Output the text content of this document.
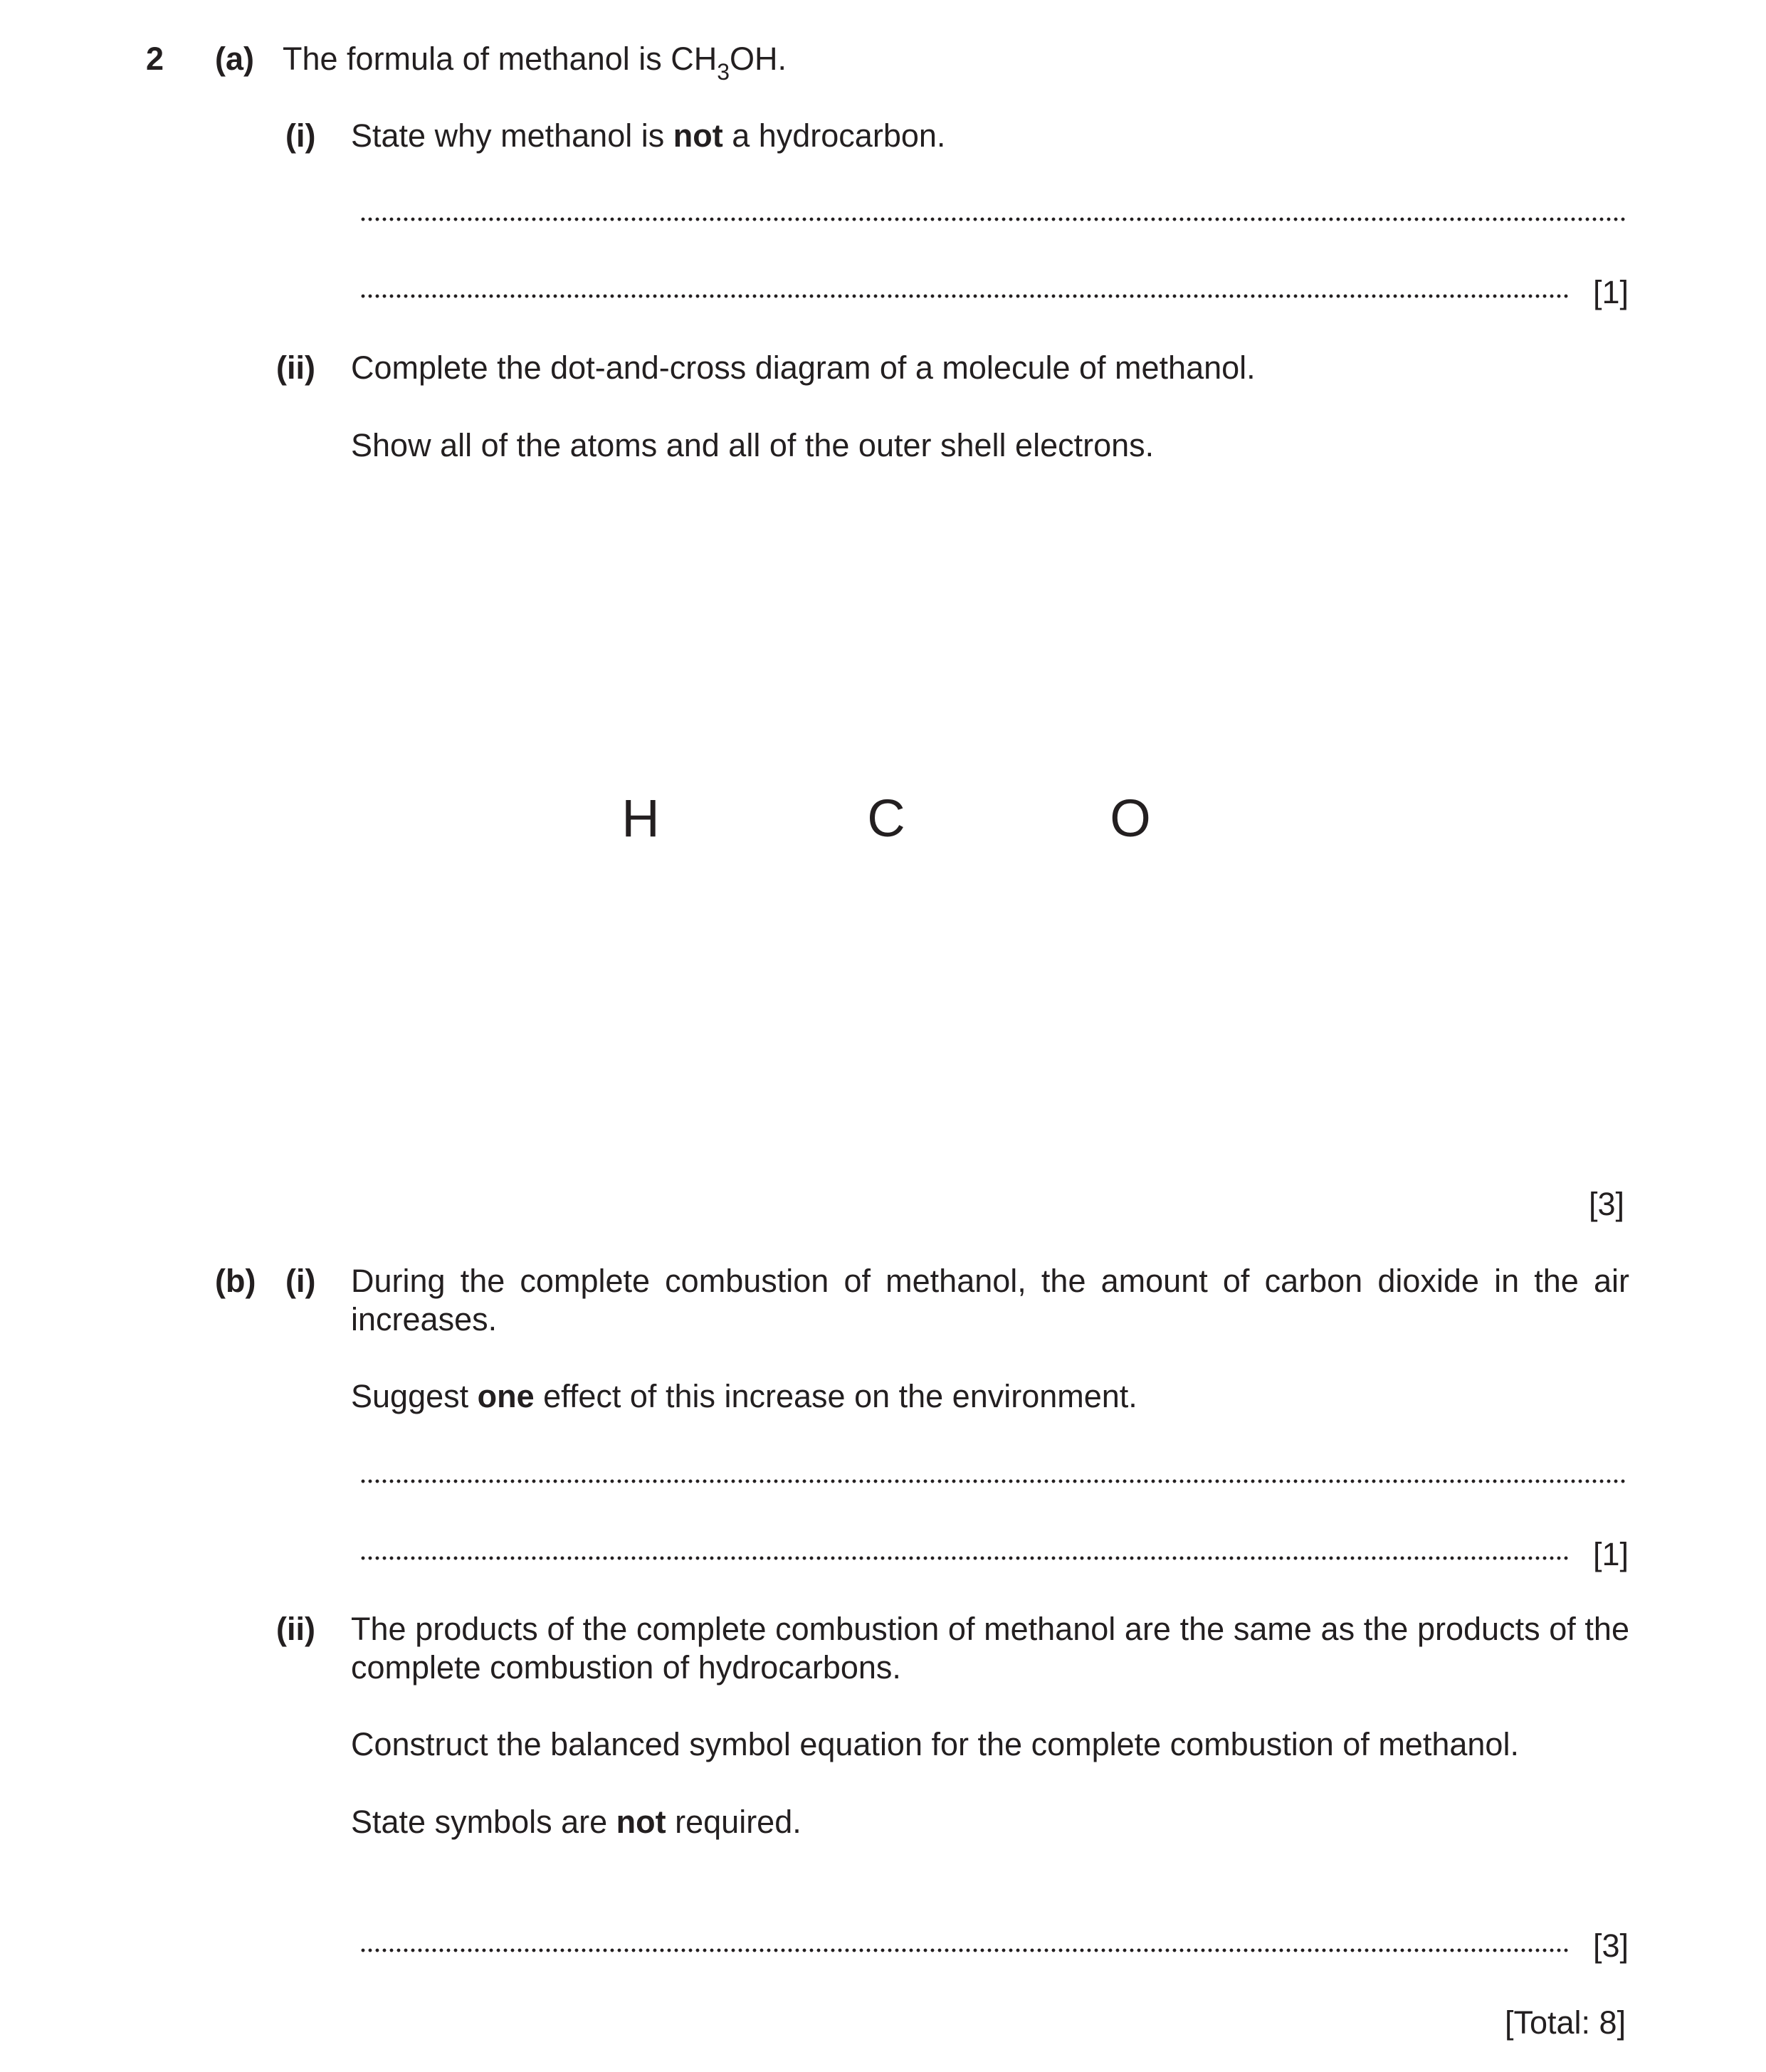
2 (a) The formula of methanol is $CH_3OH$.
(i) State why methanol is not a hydrocarbon.
[1]
(ii) Complete the dot-and-cross diagram of a molecule of methanol.
Show all of the atoms and all of the outer shell electrons.
H	C	O
[3]
(b) (i) During the complete combustion of methanol, the amount of carbon dioxide in the air increases.
Suggest one effect of this increase on the environment.
[1]
(ii) The products of the complete combustion of methanol are the same as the products of the complete combustion of hydrocarbons.
Construct the balanced symbol equation for the complete combustion of methanol.
State symbols are not required.
[3]
[Total: 8]
